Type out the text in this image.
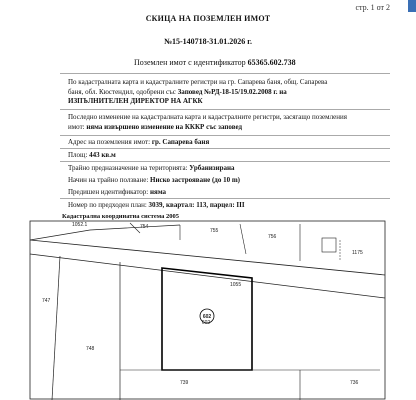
стр. 1 от 2
СКИЦА НА ПОЗЕМЛЕН ИМОТ
№15-140718-31.01.2026 г.
Поземлен имот с идентификатор 65365.602.738
По кадастралната карта и кадастралните регистри на гр. Сапарева баня, общ. Сапарева
баня, обл. Кюстендил, одобрени със Заповед №РД-18-15/19.02.2008 г. на
ИЗПЪЛНИТЕЛЕН ДИРЕКТОР НА АГКК
Последно изменение на кадастралната карта и кадастралните регистри, засягащо поземления
имот: няма извършено изменение на КККР със заповед
Адрес на поземления имот: гр. Сапарева баня
Площ: 443 кв.м
Трайно предназначение на територията: Урбанизирана
Начин на трайно ползване: Ниско застрояване (до 10 m)
Предишен идентификатор: няма
Номер по предходен план: 3039, квартал: 113, парцел: III
Кадастрална координатна система 2005
602
1052.1	754
755
756
1175
747
1055
602
748
739	736
